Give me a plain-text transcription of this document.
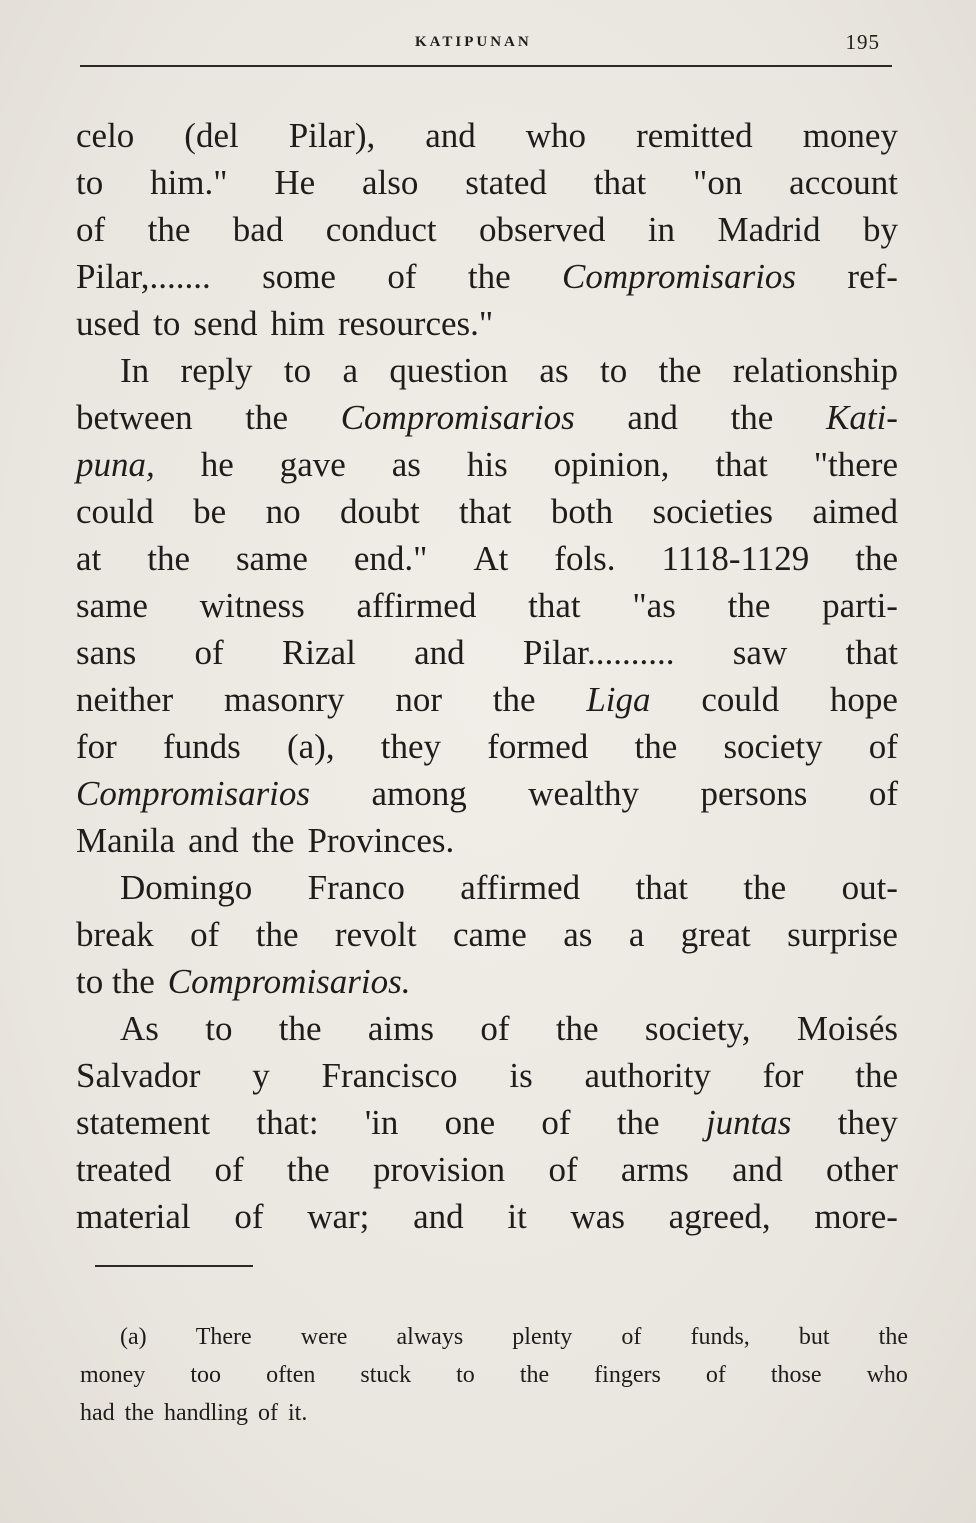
KATIPUNAN	195
celo (del Pilar), and who remitted money
to him." He also stated that "on account
of the bad conduct observed in Madrid by
Pilar,....... some of the Compromisarios ref-
used to send him resources."
In reply to a question as to the relationship
between the Compromisarios and the Kati-
puna, he gave as his opinion, that "there
could be no doubt that both societies aimed
at the same end." At fols. 1118-1129 the
same witness affirmed that "as the parti-
sans of Rizal and Pilar.......... saw that
neither masonry nor the Liga could hope
for funds (a), they formed the society of
Compromisarios among wealthy persons of
Manila and the Provinces.
Domingo Franco affirmed that the out-
break of the revolt came as a great surprise
to the Compromisarios.
As to the aims of the society, Moisés
Salvador y Francisco is authority for the
statement that: 'in one of the juntas they
treated of the provision of arms and other
material of war; and it was agreed, more-
(a) There were always plenty of funds, but the
money too often stuck to the fingers of those who
had the handling of it.
